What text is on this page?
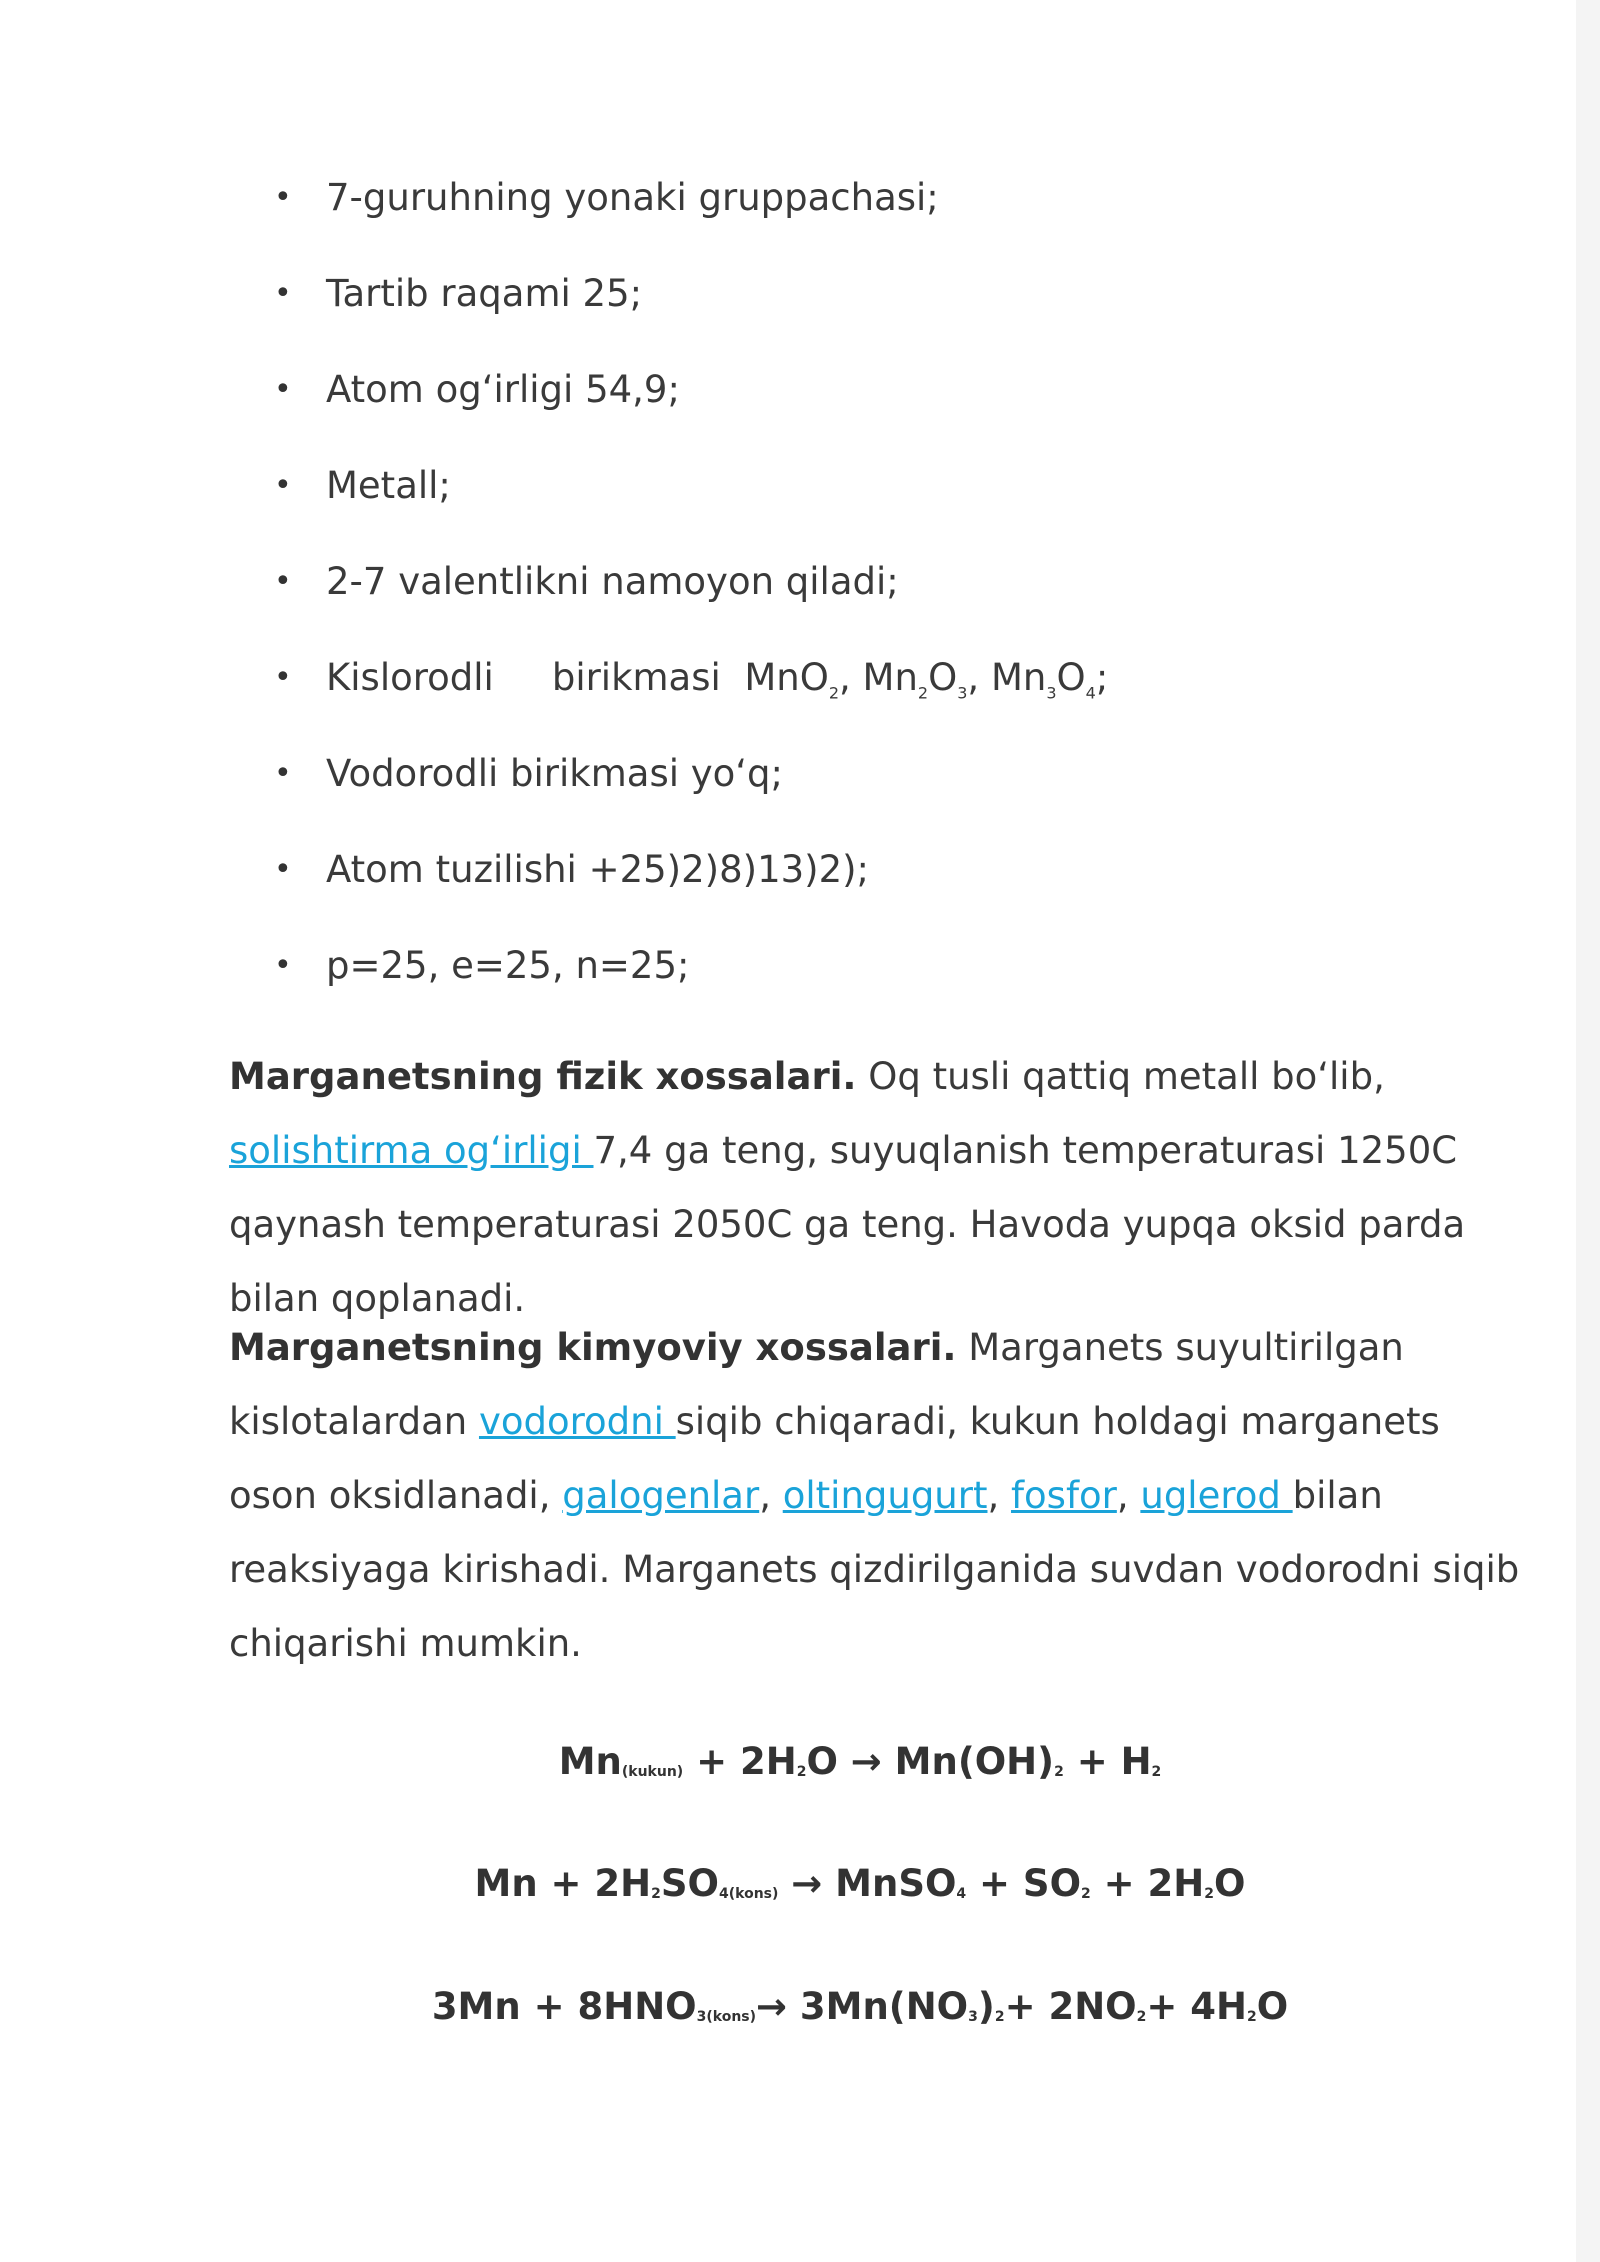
• 7-guruhning yonaki gruppachasi;
• Tartib raqami 25;
• Atom og‘irligi 54,9;
• Metall;
• 2-7 valentlikni namoyon qiladi;
• Kislorodli birikmasi MnO$_2$, $Mn_2O_3$, $Mn_3O_4$;
• Vodorodli birikmasi yo‘q;
• Atom tuzilishi +25)2)8)13)2);
• p=25, e=25, n=25;

Marganetsning fizik xossalari. Oq tusli qattiq metall bo‘lib, solishtirma og‘irligi 7,4 ga teng, suyuqlanish temperaturasi 1250C qaynash temperaturasi 2050C ga teng. Havoda yupqa oksid parda bilan qoplanadi.

Marganetsning kimyoviy xossalari. Marganets suyultirilgan kislotalardan vodorodni siqib chiqaradi, kukun holdagi marganets oson oksidlanadi, galogenlar, oltingugurt, fosfor, uglerod bilan reaksiyaga kirishadi. Marganets qizdirilganida suvdan vodorodni siqib chiqarishi mumkin.

$Mn_{(kukun)} + 2H_2O \to Mn(OH)_2 + H_2$
$Mn + 2H_2SO_{4(kons)}$ → MnSO$_4$ + $SO_2 + 2H_2O$
$3Mn + 8HNO_{3(kons)}\to 3Mn(NO_3)_2+ 2NO_2+ 4H_2O$
